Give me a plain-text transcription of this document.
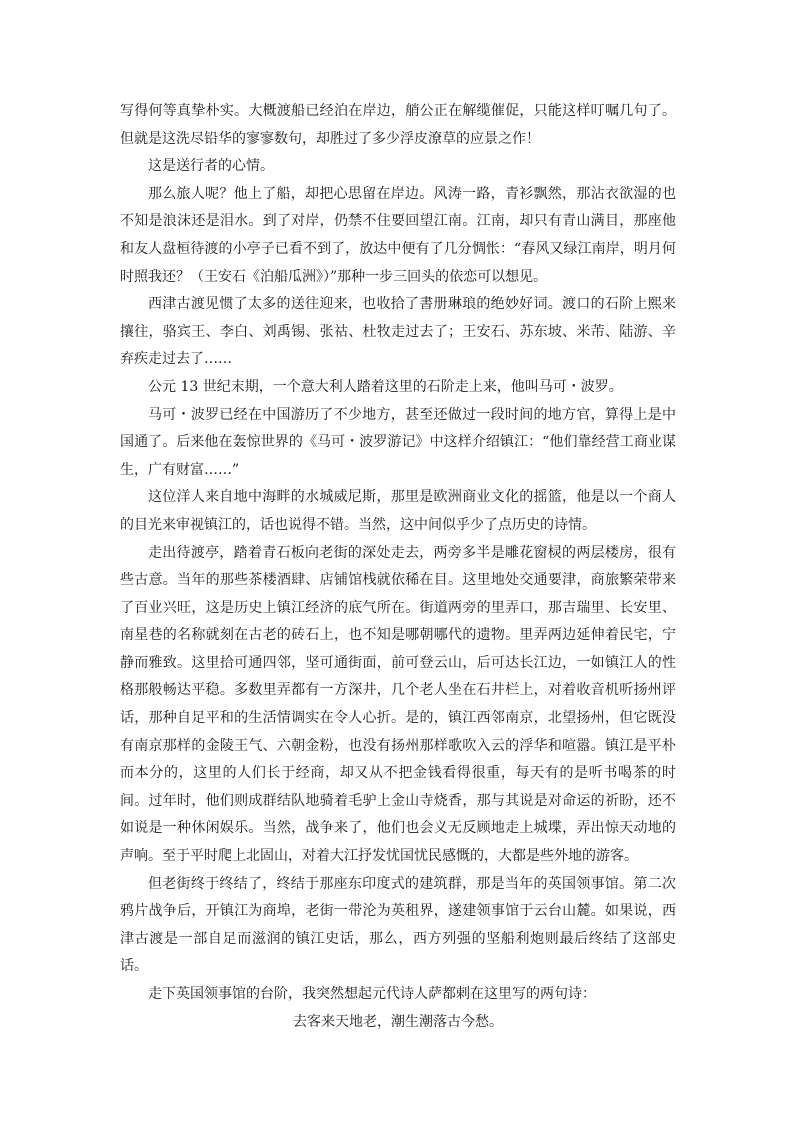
写得何等真挚朴实。大概渡船已经泊在岸边，艄公正在解缆催促，只能这样叮嘱几句了。但就是这洗尽铅华的寥寥数句，却胜过了多少浮皮潦草的应景之作！

这是送行者的心情。

那么旅人呢？他上了船，却把心思留在岸边。风涛一路，青衫飘然，那沾衣欲湿的也不知是浪沫还是泪水。到了对岸，仍禁不住要回望江南。江南，却只有青山满目，那座他和友人盘桓待渡的小亭子已看不到了，放达中便有了几分惆怅：“春风又绿江南岸，明月何时照我还？（王安石《泊船瓜洲》）”那种一步三回头的依恋可以想见。

西津古渡见惯了太多的送往迎来，也收拾了書册琳琅的绝妙好词。渡口的石阶上熙来攘往，骆宾王、李白、刘禹锡、张祜、杜牧走过去了；王安石、苏东坡、米芾、陆游、辛弃疾走过去了……

公元 13 世纪末期，一个意大利人踏着这里的石阶走上来，他叫马可・波罗。

马可・波罗已经在中国游历了不少地方，甚至还做过一段时间的地方官，算得上是中国通了。后来他在轰惊世界的《马可・波罗游记》中这样介绍镇江：“他们靠经营工商业谋生，广有财富……”

这位洋人来自地中海畔的水城威尼斯，那里是欧洲商业文化的摇篮，他是以一个商人的目光来审视镇江的，话也说得不错。当然，这中间似乎少了点历史的诗情。

走出待渡亭，踏着青石板向老街的深处走去，两旁多半是雕花窗棂的两层楼房，很有些古意。当年的那些茶楼酒肆、店铺馆栈就依稀在目。这里地处交通要津，商旅繁荣带来了百业兴旺，这是历史上镇江经济的底气所在。街道两旁的里弄口，那吉瑞里、长安里、南星巷的名称就刻在古老的砖石上，也不知是哪朝哪代的遗物。里弄两边延伸着民宅，宁静而雅致。这里拾可通四邻，坚可通街面，前可登云山，后可达长江边，一如镇江人的性格那般畅达平稳。多数里弄都有一方深井，几个老人坐在石井栏上，对着收音机听扬州评话，那种自足平和的生活情调实在令人心折。是的，镇江西邻南京，北望扬州，但它既没有南京那样的金陵王气、六朝金粉，也没有扬州那样歌吹入云的浮华和喧嚣。镇江是平朴而本分的，这里的人们长于经商，却又从不把金钱看得很重，每天有的是听书喝茶的时间。过年时，他们则成群结队地骑着毛驴上金山寺烧香，那与其说是对命运的祈盼，还不如说是一种休闲娱乐。当然，战争来了，他们也会义无反顾地走上城堞，弄出惊天动地的声响。至于平时爬上北固山，对着大江抒发忧国忧民感慨的，大都是些外地的游客。

但老街终于终结了，终结于那座东印度式的建筑群，那是当年的英国领事馆。第二次鸦片战争后，开镇江为商埠，老街一带沦为英租界，遂建领事馆于云台山麓。如果说，西津古渡是一部自足而滋润的镇江史话，那么，西方列强的坚船利炮则最后终结了这部史话。

走下英国领事馆的台阶，我突然想起元代诗人萨都剌在这里写的两句诗：

去客来天地老，潮生潮落古今愁。
